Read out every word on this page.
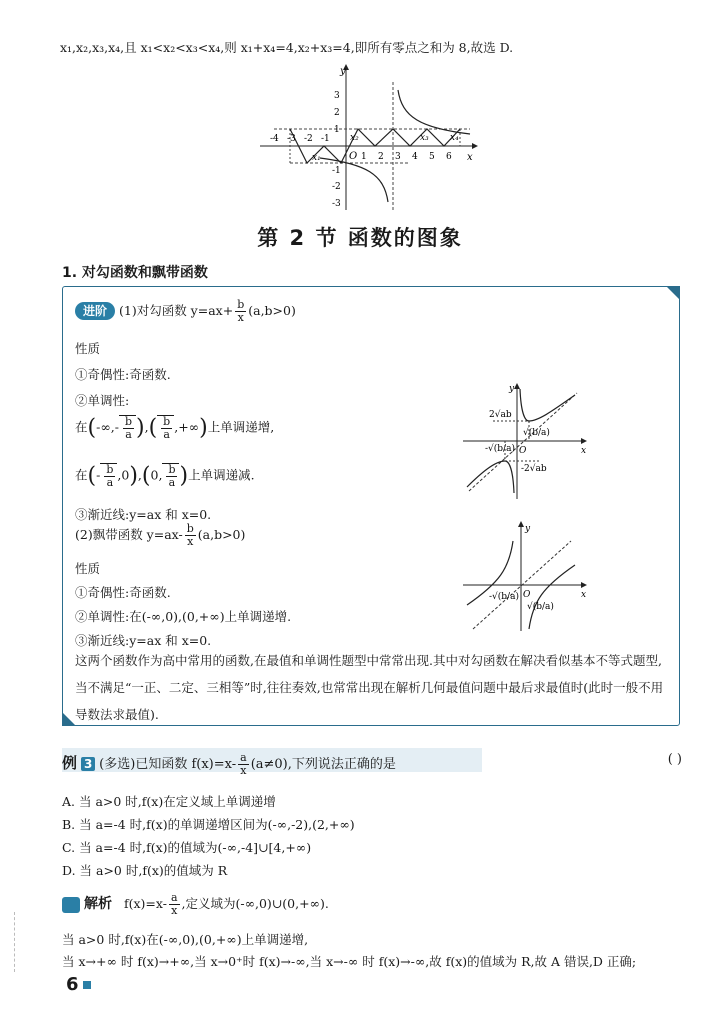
x₁,x₂,x₃,x₄,且 x₁<x₂<x₃<x₄,则 x₁+x₄=4,x₂+x₃=4,即所有零点之和为 8,故选 D.
y
x
O
3
2
1
-1
-2
-3
-4 -3 -2 -1
1 2 3 4 5 6
x₁
x₂	x₃ x₄
第 2 节 函数的图象
1. 对勾函数和飘带函数
进阶 (1)对勾函数 $y=ax+ \frac{b}{x} (a,b>0)$
性质
①奇偶性:奇函数.
②单调性:
在(-∞,- $\frac{b}{a}$ ),( $\frac{b}{a}$ ,+∞)上单调递增,
在(- $\frac{b}{a} ,0),(0$, $\frac{b}{a}$ )上单调递减.
③渐近线:y=ax 和 x=0.
(2)飘带函数 $y=ax- \frac{b}{x} (a,b>0)$
性质
①奇偶性:奇函数.
②单调性:在(-∞,0),(0,+∞)上单调递增.
③渐近线:y=ax 和 x=0.
这两个函数作为高中常用的函数,在最值和单调性题型中常常出现.其中对勾函数在解决看似基本不等式题型,当不满足“一正、二定、三相等”时,往往奏效,也常常出现在解析几何最值问题中最后求最值时(此时一般不用导数法求最值).
y
x
O
2√ab
-2√ab
-√(b/a)
√(b/a)
y
x
O
-√(b/a)
√(b/a)
例 3 (多选)已知函数 $f(x)=x- \frac{a}{x} (a\ne 0)$,下列说法正确的是	( )
A. 当 a>0 时,f(x)在定义域上单调递增
B. 当 a=-4 时,f(x)的单调递增区间为(-∞,-2),(2,+∞)
C. 当 a=-4 时,f(x)的值域为(-∞,-4]∪[4,+∞)
D. 当 a>0 时,f(x)的值域为 R
解析 $f(x)=x- \frac{a}{x}$ ,定义域为(-∞,0)∪(0,+∞).
当 a>0 时,f(x)在(-∞,0),(0,+∞)上单调递增,
当 x→+∞ 时 f(x)→+∞,当 x→0⁺时 f(x)→-∞,当 x→-∞ 时 f(x)→-∞,故 f(x)的值域为 R,故 A 错误,D 正确;
6
